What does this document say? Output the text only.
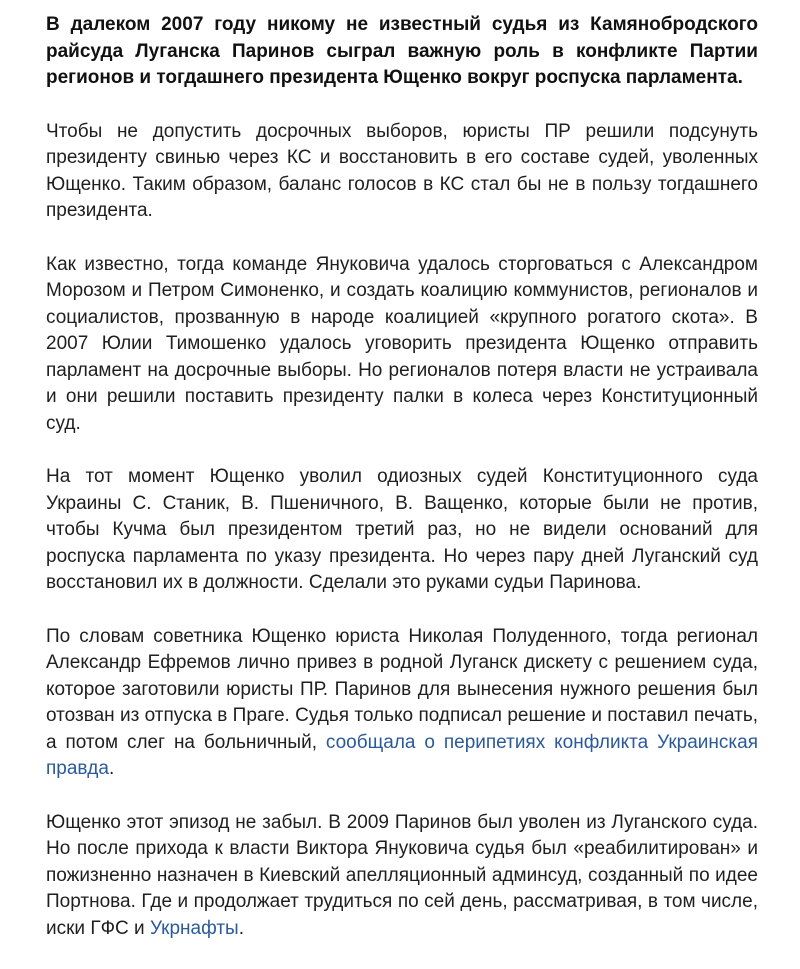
В далеком 2007 году никому не известный судья из Камянобродского райсуда Луганска Паринов сыграл важную роль в конфликте Партии регионов и тогдашнего президента Ющенко вокруг роспуска парламента.

Чтобы не допустить досрочных выборов, юристы ПР решили подсунуть президенту свинью через КС и восстановить в его составе судей, уволенных Ющенко. Таким образом, баланс голосов в КС стал бы не в пользу тогдашнего президента.

Как известно, тогда команде Януковича удалось сторговаться с Александром Морозом и Петром Симоненко, и создать коалицию коммунистов, регионалов и социалистов, прозванную в народе коалицией «крупного рогатого скота». В 2007 Юлии Тимошенко удалось уговорить президента Ющенко отправить парламент на досрочные выборы. Но регионалов потеря власти не устраивала и они решили поставить президенту палки в колеса через Конституционный суд.

На тот момент Ющенко уволил одиозных судей Конституционного суда Украины С. Станик, В. Пшеничного, В. Ващенко, которые были не против, чтобы Кучма был президентом третий раз, но не видели оснований для роспуска парламента по указу президента. Но через пару дней Луганский суд восстановил их в должности. Сделали это руками судьи Паринова.

По словам советника Ющенко юриста Николая Полуденного, тогда регионал Александр Ефремов лично привез в родной Луганск дискету с решением суда, которое заготовили юристы ПР. Паринов для вынесения нужного решения был отозван из отпуска в Праге. Судья только подписал решение и поставил печать, а потом слег на больничный, сообщала о перипетиях конфликта Украинская правда.

Ющенко этот эпизод не забыл. В 2009 Паринов был уволен из Луганского суда. Но после прихода к власти Виктора Януковича судья был «реабилитирован» и пожизненно назначен в Киевский апелляционный админсуд, созданный по идее Портнова. Где и продолжает трудиться по сей день, рассматривая, в том числе, иски ГФС и Укрнафты.
